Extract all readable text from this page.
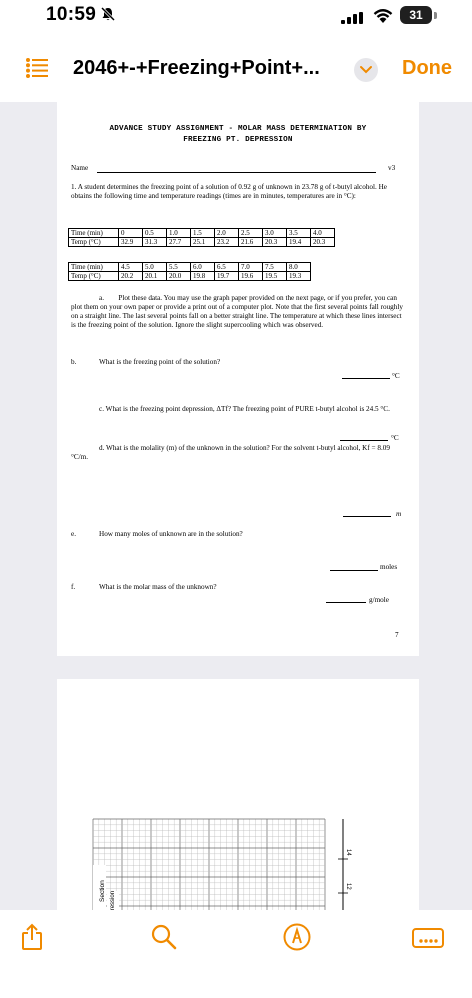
10:59	31
2046+-+Freezing+Point+...	Done
ADVANCE STUDY ASSIGNMENT - MOLAR MASS DETERMINATION BY
FREEZING PT. DEPRESSION
Name	v3
1. A student determines the freezing point of a solution of 0.92 g of unknown in 23.78 g of t-butyl alcohol. He obtains the following time and temperature readings (times are in minutes, temperatures are in °C):
Time (min)	0	0.5	1.0	1.5	2.0	2.5	3.0	3.5	4.0
Temp (°C)	32.9	31.3	27.7	25.1	23.2	21.6	20.3	19.4	20.3
Time (min)	4.5	5.0	5.5	6.0	6.5	7.0	7.5	8.0
Temp (°C)	20.2	20.1	20.0	19.8	19.7	19.6	19.5	19.3
a. Plot these data. You may use the graph paper provided on the next page, or if you prefer, you can plot them on your own paper or provide a print out of a computer plot. Note that the first several points fall roughly on a straight line. The last several points fall on a better straight line. The temperature at which these lines intersect is the freezing point of the solution. Ignore the slight supercooling which was observed.
b.	What is the freezing point of the solution?
°C
c. What is the freezing point depression, ΔTf? The freezing point of PURE t-butyl alcohol is 24.5 °C.
°C
d. What is the molality (m) of the unknown in the solution? For the solvent t-butyl alcohol, Kf = 8.09 °C/m.
m
e.	How many moles of unknown are in the solution?
moles
f.	What is the molar mass of the unknown?
g/mole
7
14
12
Section
